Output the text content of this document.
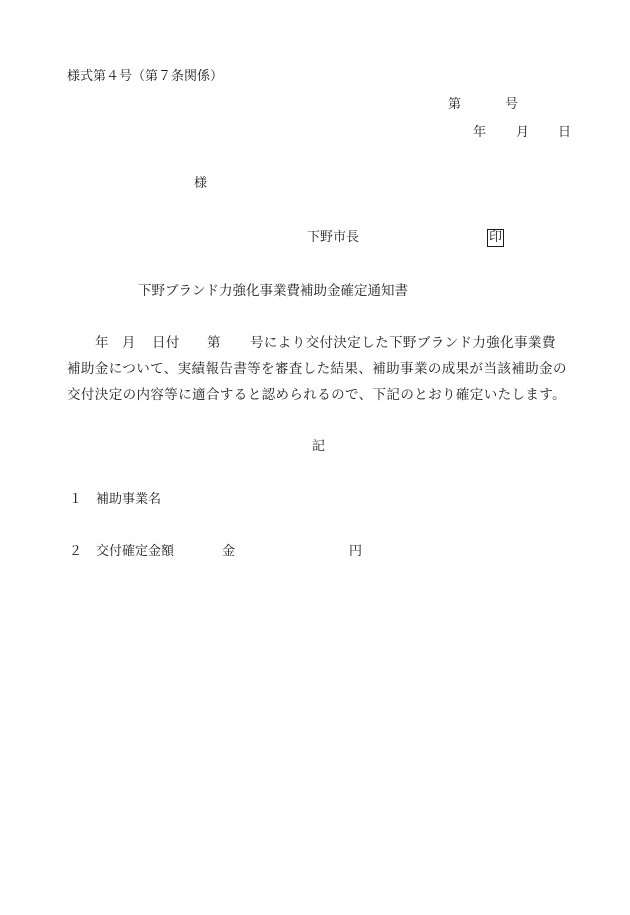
様式第４号（第７条関係）
第	号
年 月 日
様
下野市長	印
下野ブランド力強化事業費補助金確定通知書
年 月 日付 第 号により交付決定した下野ブランド力強化事業費
補助金について、実績報告書等を審査した結果、補助事業の成果が当該補助金の
交付決定の内容等に適合すると認められるので、下記のとおり確定いたします。
記
１ 補助事業名
２ 交付確定金額	金	円
